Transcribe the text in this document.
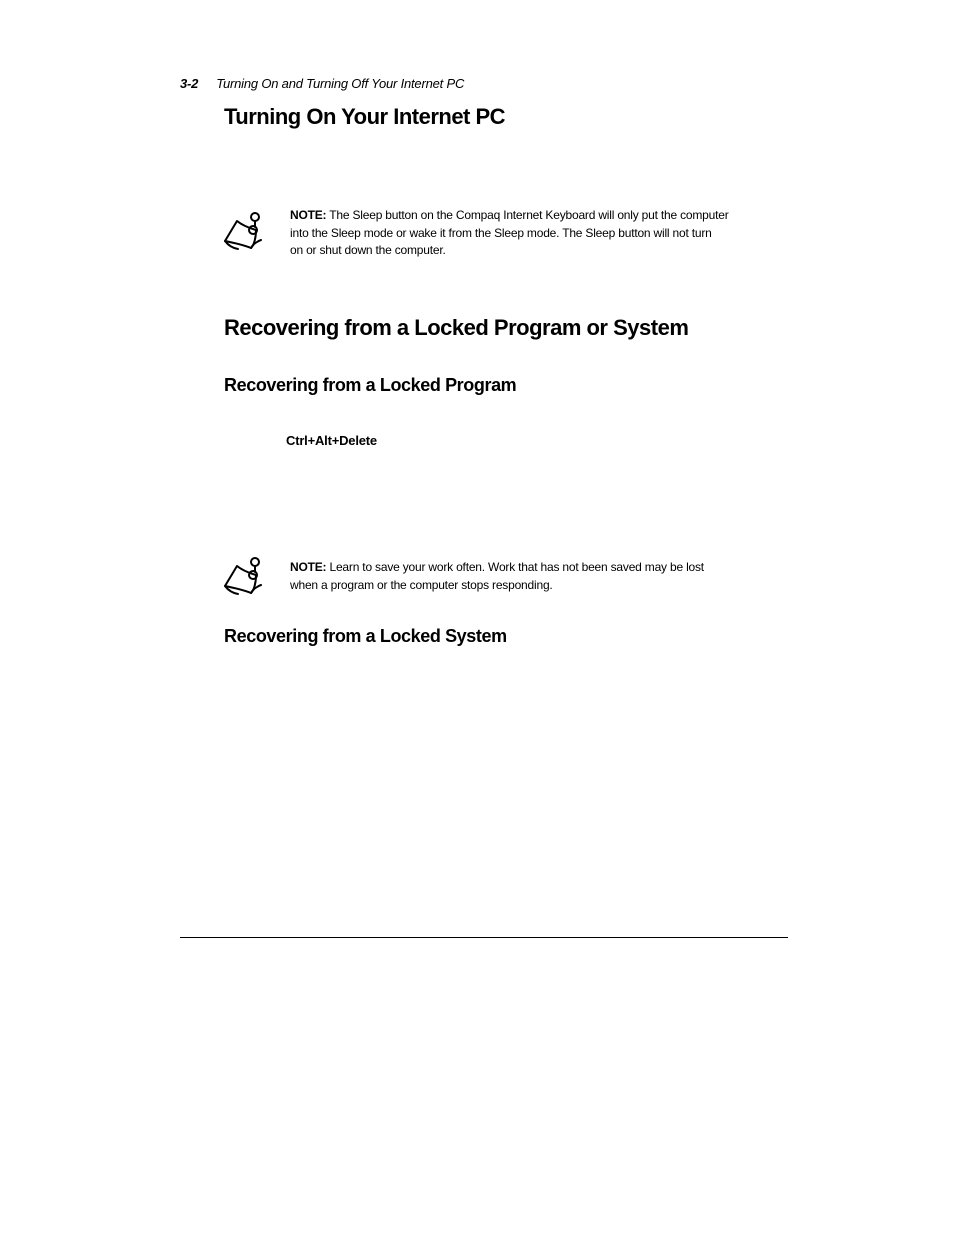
3-2 Turning On and Turning Off Your Internet PC
Turning On Your Internet PC
NOTE: The Sleep button on the Compaq Internet Keyboard will only put the computer
into the Sleep mode or wake it from the Sleep mode. The Sleep button will not turn
on or shut down the computer.
Recovering from a Locked Program or System
Recovering from a Locked Program
Ctrl+Alt+Delete
NOTE: Learn to save your work often. Work that has not been saved may be lost
when a program or the computer stops responding.
Recovering from a Locked System
